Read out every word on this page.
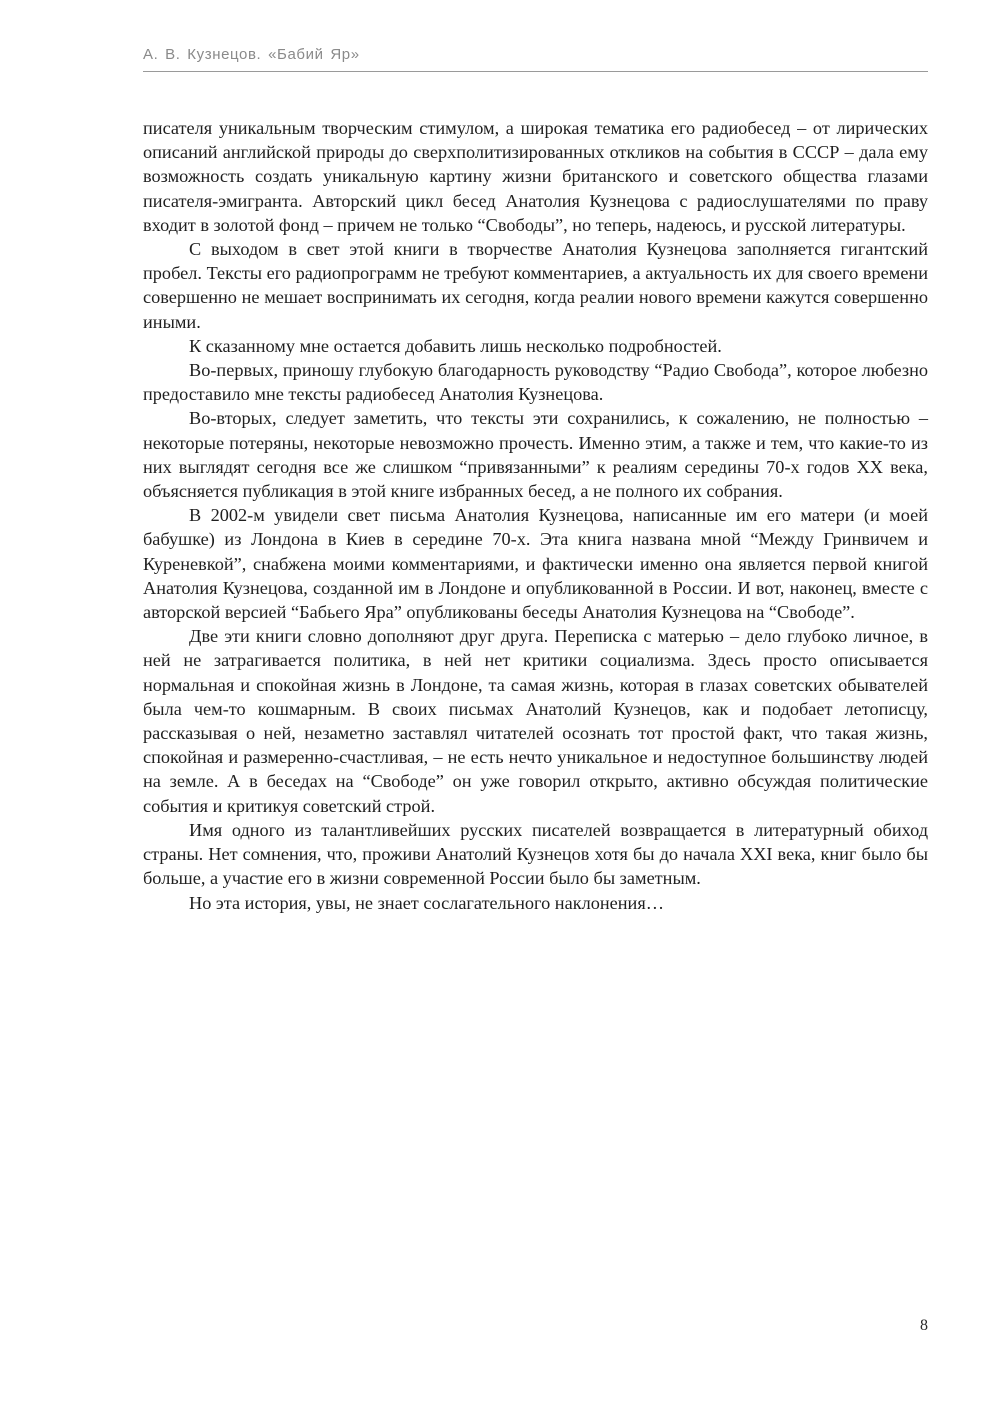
А. В. Кузнецов. «Бабий Яр»

писателя уникальным творческим стимулом, а широкая тематика его радиобесед – от лирических описаний английской природы до сверхполитизированных откликов на события в СССР – дала ему возможность создать уникальную картину жизни британского и советского общества глазами писателя-эмигранта. Авторский цикл бесед Анатолия Кузнецова с радиослушателями по праву входит в золотой фонд – причем не только “Свободы”, но теперь, надеюсь, и русской литературы.

С выходом в свет этой книги в творчестве Анатолия Кузнецова заполняется гигантский пробел. Тексты его радиопрограмм не требуют комментариев, а актуальность их для своего времени совершенно не мешает воспринимать их сегодня, когда реалии нового времени кажутся совершенно иными.

К сказанному мне остается добавить лишь несколько подробностей.

Во-первых, приношу глубокую благодарность руководству “Радио Свобода”, которое любезно предоставило мне тексты радиобесед Анатолия Кузнецова.

Во-вторых, следует заметить, что тексты эти сохранились, к сожалению, не полностью – некоторые потеряны, некоторые невозможно прочесть. Именно этим, а также и тем, что какие-то из них выглядят сегодня все же слишком “привязанными” к реалиям середины 70-х годов XX века, объясняется публикация в этой книге избранных бесед, а не полного их собрания.

В 2002-м увидели свет письма Анатолия Кузнецова, написанные им его матери (и моей бабушке) из Лондона в Киев в середине 70-х. Эта книга названа мной “Между Гринвичем и Куреневкой”, снабжена моими комментариями, и фактически именно она является первой книгой Анатолия Кузнецова, созданной им в Лондоне и опубликованной в России. И вот, наконец, вместе с авторской версией “Бабьего Яра” опубликованы беседы Анатолия Кузнецова на “Свободе”.

Две эти книги словно дополняют друг друга. Переписка с матерью – дело глубоко личное, в ней не затрагивается политика, в ней нет критики социализма. Здесь просто описывается нормальная и спокойная жизнь в Лондоне, та самая жизнь, которая в глазах советских обывателей была чем-то кошмарным. В своих письмах Анатолий Кузнецов, как и подобает летописцу, рассказывая о ней, незаметно заставлял читателей осознать тот простой факт, что такая жизнь, спокойная и размеренно-счастливая, – не есть нечто уникальное и недоступное большинству людей на земле. А в беседах на “Свободе” он уже говорил открыто, активно обсуждая политические события и критикуя советский строй.

Имя одного из талантливейших русских писателей возвращается в литературный обиход страны. Нет сомнения, что, проживи Анатолий Кузнецов хотя бы до начала XXI века, книг было бы больше, а участие его в жизни современной России было бы заметным.

Но эта история, увы, не знает сослагательного наклонения…

8
